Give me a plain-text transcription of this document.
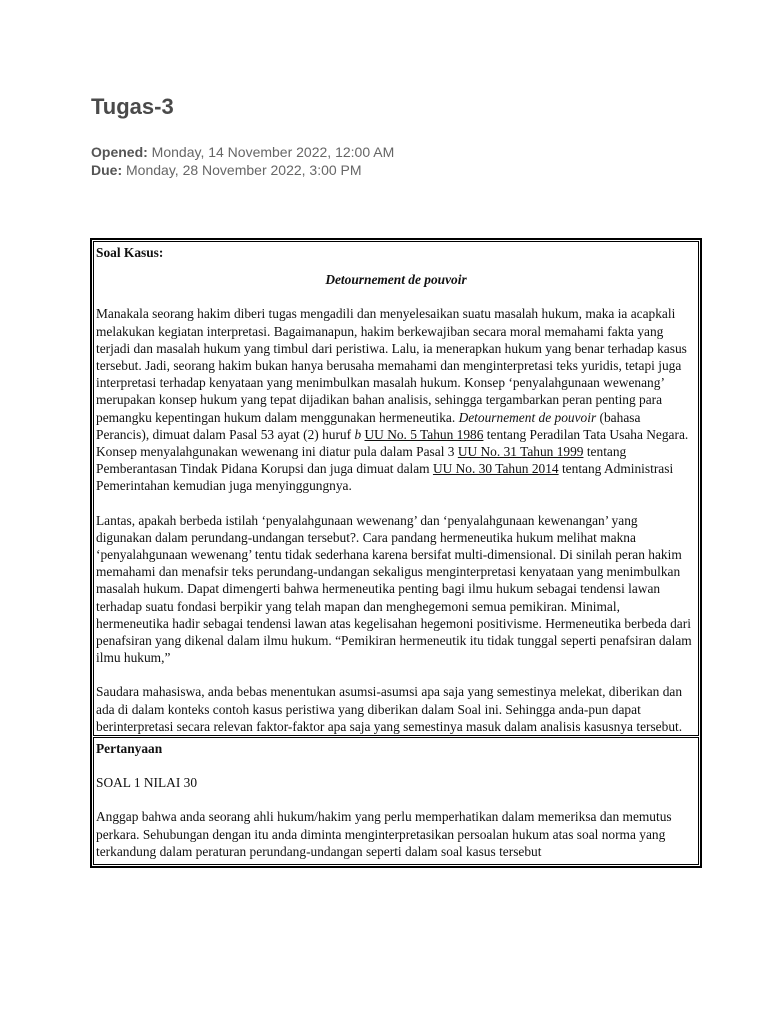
Tugas-3
Opened: Monday, 14 November 2022, 12:00 AM
Due: Monday, 28 November 2022, 3:00 PM

Soal Kasus:

Detournement de pouvoir

Manakala seorang hakim diberi tugas mengadili dan menyelesaikan suatu masalah hukum, maka ia acapkali melakukan kegiatan interpretasi. Bagaimanapun, hakim berkewajiban secara moral memahami fakta yang terjadi dan masalah hukum yang timbul dari peristiwa. Lalu, ia menerapkan hukum yang benar terhadap kasus tersebut. Jadi, seorang hakim bukan hanya berusaha memahami dan menginterpretasi teks yuridis, tetapi juga interpretasi terhadap kenyataan yang menimbulkan masalah hukum. Konsep ‘penyalahgunaan wewenang’ merupakan konsep hukum yang tepat dijadikan bahan analisis, sehingga tergambarkan peran penting para pemangku kepentingan hukum dalam menggunakan hermeneutika. Detournement de pouvoir (bahasa Perancis), dimuat dalam Pasal 53 ayat (2) huruf b UU No. 5 Tahun 1986 tentang Peradilan Tata Usaha Negara. Konsep menyalahgunakan wewenang ini diatur pula dalam Pasal 3 UU No. 31 Tahun 1999 tentang Pemberantasan Tindak Pidana Korupsi dan juga dimuat dalam UU No. 30 Tahun 2014 tentang Administrasi Pemerintahan kemudian juga menyinggungnya.

Lantas, apakah berbeda istilah ‘penyalahgunaan wewenang’ dan ‘penyalahgunaan kewenangan’ yang digunakan dalam perundang-undangan tersebut?. Cara pandang hermeneutika hukum melihat makna ‘penyalahgunaan wewenang’ tentu tidak sederhana karena bersifat multi-dimensional. Di sinilah peran hakim memahami dan menafsir teks perundang-undangan sekaligus menginterpretasi kenyataan yang menimbulkan masalah hukum. Dapat dimengerti bahwa hermeneutika penting bagi ilmu hukum sebagai tendensi lawan terhadap suatu fondasi berpikir yang telah mapan dan menghegemoni semua pemikiran. Minimal, hermeneutika hadir sebagai tendensi lawan atas kegelisahan hegemoni positivisme. Hermeneutika berbeda dari penafsiran yang dikenal dalam ilmu hukum. “Pemikiran hermeneutik itu tidak tunggal seperti penafsiran dalam ilmu hukum,”

Saudara mahasiswa, anda bebas menentukan asumsi-asumsi apa saja yang semestinya melekat, diberikan dan ada di dalam konteks contoh kasus peristiwa yang diberikan dalam Soal ini. Sehingga anda-pun dapat berinterpretasi secara relevan faktor-faktor apa saja yang semestinya masuk dalam analisis kasusnya tersebut.

Pertanyaan

SOAL 1 NILAI 30

Anggap bahwa anda seorang ahli hukum/hakim yang perlu memperhatikan dalam memeriksa dan memutus perkara. Sehubungan dengan itu anda diminta menginterpretasikan persoalan hukum atas soal norma yang terkandung dalam peraturan perundang-undangan seperti dalam soal kasus tersebut
